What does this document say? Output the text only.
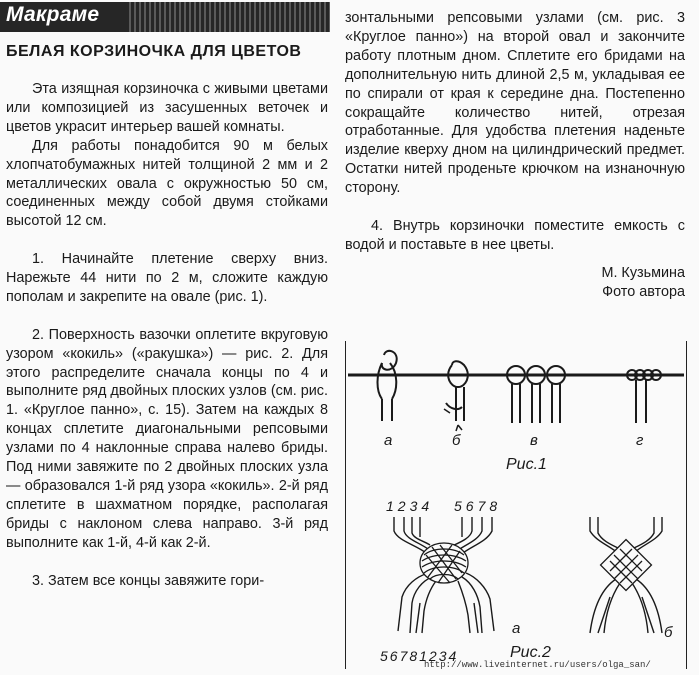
Макраме
БЕЛАЯ КОРЗИНОЧКА ДЛЯ ЦВЕТОВ

Эта изящная корзиночка с живыми цветами или композицией из засушенных веточек и цветов украсит интерьер вашей комнаты.

Для работы понадобится 90 м белых хлопчатобумажных нитей толщиной 2 мм и 2 металлических овала с окружностью 50 см, соединенных между собой двумя стойками высотой 12 см.

1. Начинайте плетение сверху вниз. Нарежьте 44 нити по 2 м, сложите каждую пополам и закрепите на овале (рис. 1).

2. Поверхность вазочки оплетите вкруговую узором «кокиль» («ракушка») — рис. 2. Для этого распределите сначала концы по 4 и выполните ряд двойных плоских узлов (см. рис. 1. «Круглое панно», с. 15). Затем на каждых 8 концах сплетите диагональными репсовыми узлами по 4 наклонные справа налево бриды. Под ними завяжите по 2 двойных плоских узла — образовался 1-й ряд узора «кокиль». 2-й ряд сплетите в шахматном порядке, располагая бриды с наклоном слева направо. 3-й ряд выполните как 1-й, 4-й как 2-й.

3. Затем все концы завяжите гори-

зонтальными репсовыми узлами (см. рис. 3 «Круглое панно») на второй овал и закончите работу плотным дном. Сплетите его бридами на дополнительную нить длиной 2,5 м, укладывая ее по спирали от края к середине дна. Постепенно сокращайте количество нитей, отрезая отработанные. Для удобства плетения наденьте изделие кверху дном на цилиндрический предмет. Остатки нитей проденьте крючком на изнаночную сторону.

4. Внутрь корзиночки поместите емкость с водой и поставьте в нее цветы.

М. Кузьмина

Фото автора

а	б	в	г
Рис.1
1234 5678
56781234
а	б
Рис.2
http://www.liveinternet.ru/users/olga_san/
